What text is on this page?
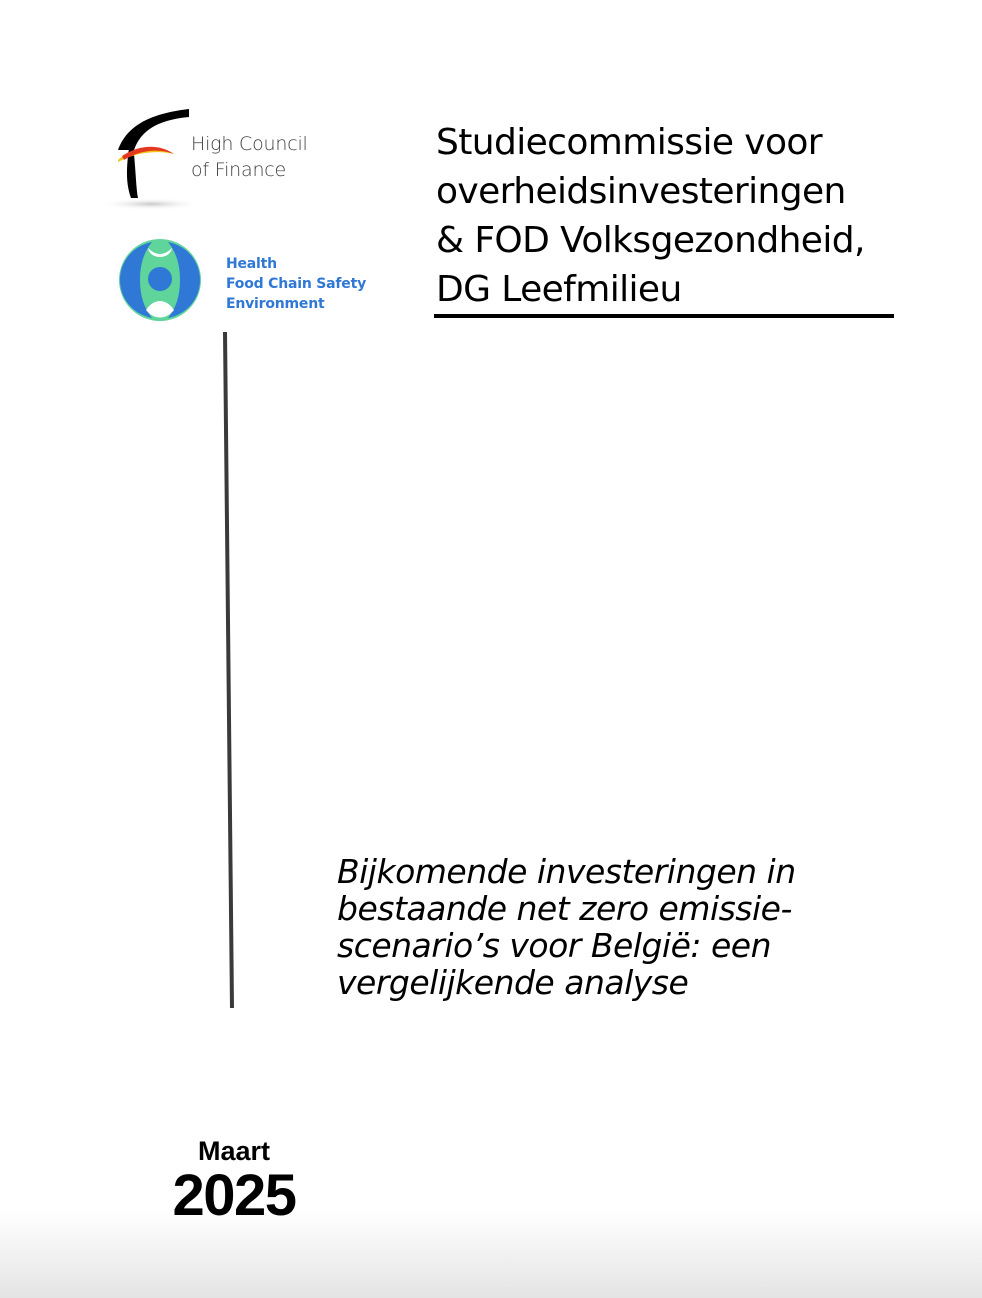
High Council
of Finance
Health
Food Chain Safety
Environment
Studiecommissie voor
overheidsinvesteringen
& FOD Volksgezondheid,
DG Leefmilieu
Bijkomende investeringen in
bestaande net zero emissie-
scenario’s voor België: een
vergelijkende analyse
Maart
2025
